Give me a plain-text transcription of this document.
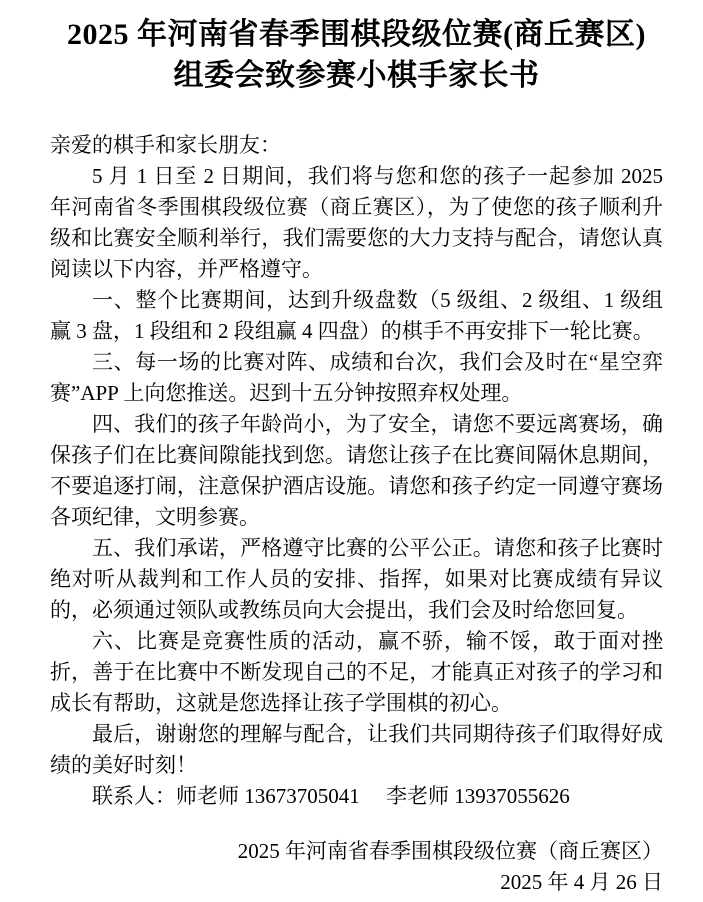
2025 年河南省春季围棋段级位赛(商丘赛区)
组委会致参赛小棋手家长书

亲爱的棋手和家长朋友：

5 月 1 日至 2 日期间，我们将与您和您的孩子一起参加 2025 年河南省冬季围棋段级位赛（商丘赛区），为了使您的孩子顺利升级和比赛安全顺利举行，我们需要您的大力支持与配合，请您认真阅读以下内容，并严格遵守。

一、整个比赛期间，达到升级盘数（5 级组、2 级组、1 级组赢 3 盘，1 段组和 2 段组赢 4 四盘）的棋手不再安排下一轮比赛。

三、每一场的比赛对阵、成绩和台次，我们会及时在“星空弈赛”APP 上向您推送。迟到十五分钟按照弃权处理。

四、我们的孩子年龄尚小，为了安全，请您不要远离赛场，确保孩子们在比赛间隙能找到您。请您让孩子在比赛间隔休息期间，不要追逐打闹，注意保护酒店设施。请您和孩子约定一同遵守赛场各项纪律，文明参赛。

五、我们承诺，严格遵守比赛的公平公正。请您和孩子比赛时绝对听从裁判和工作人员的安排、指挥，如果对比赛成绩有异议的，必须通过领队或教练员向大会提出，我们会及时给您回复。

六、比赛是竞赛性质的活动，赢不骄，输不馁，敢于面对挫折，善于在比赛中不断发现自己的不足，才能真正对孩子的学习和成长有帮助，这就是您选择让孩子学围棋的初心。

最后，谢谢您的理解与配合，让我们共同期待孩子们取得好成绩的美好时刻！

联系人：师老师 13673705041　 李老师 13937055626

2025 年河南省春季围棋段级位赛（商丘赛区）

2025 年 4 月 26 日
